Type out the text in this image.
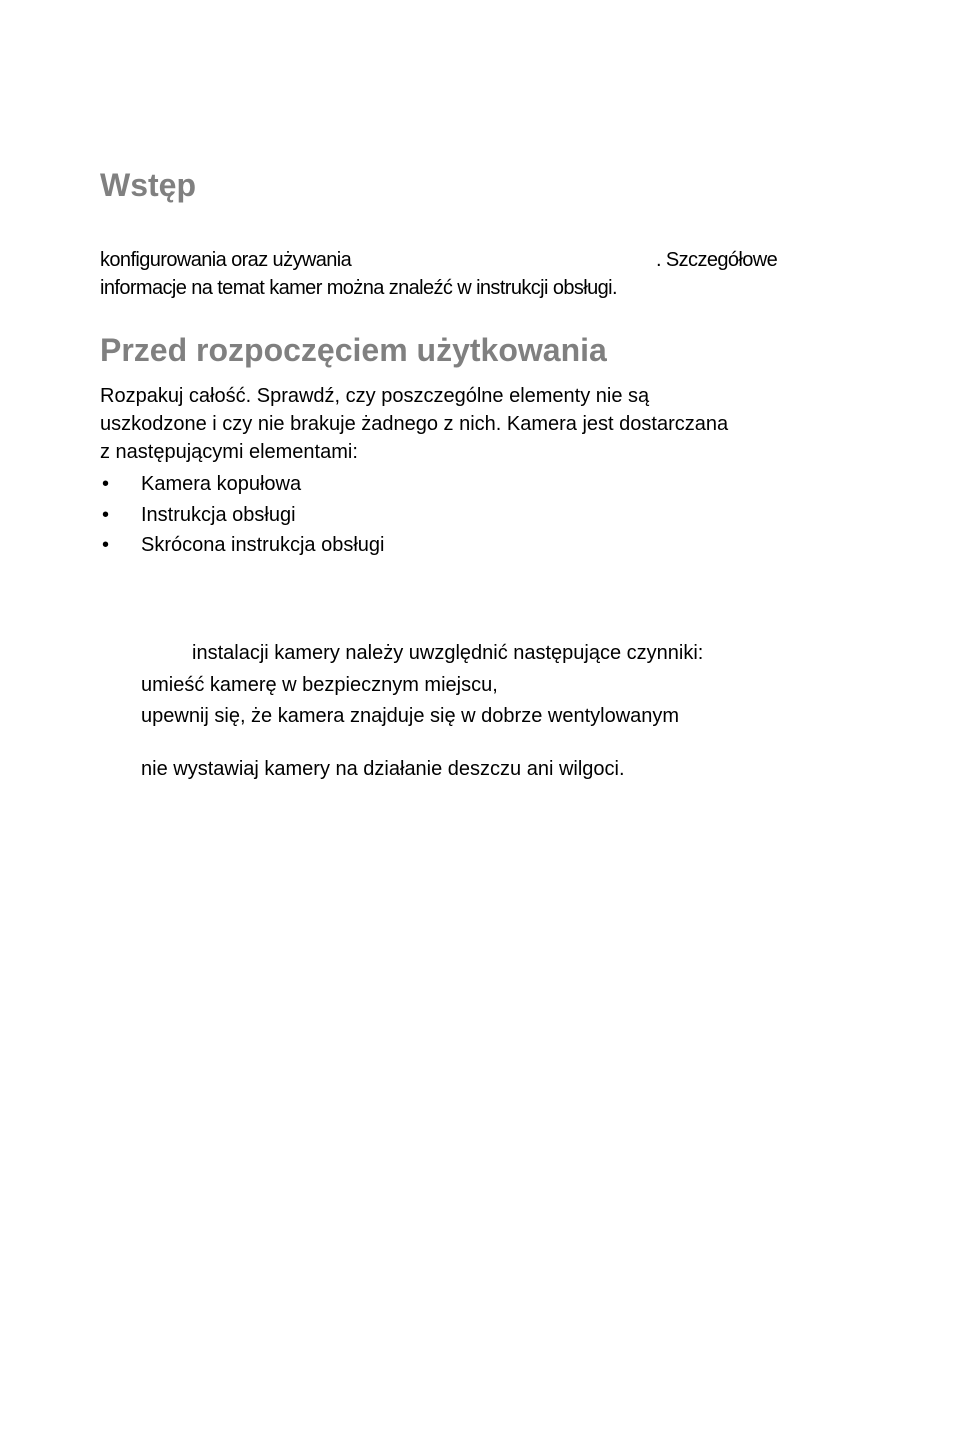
Wstęp
konfigurowania oraz używania	. Szczegółowe
informacje na temat kamer można znaleźć w instrukcji obsługi.
Przed rozpoczęciem użytkowania
Rozpakuj całość. Sprawdź, czy poszczególne elementy nie są
uszkodzone i czy nie brakuje żadnego z nich. Kamera jest dostarczana
z następującymi elementami:
• Kamera kopułowa
• Instrukcja obsługi
• Skrócona instrukcja obsługi
instalacji kamery należy uwzględnić następujące czynniki:
umieść kamerę w bezpiecznym miejscu,
upewnij się, że kamera znajduje się w dobrze wentylowanym
nie wystawiaj kamery na działanie deszczu ani wilgoci.
